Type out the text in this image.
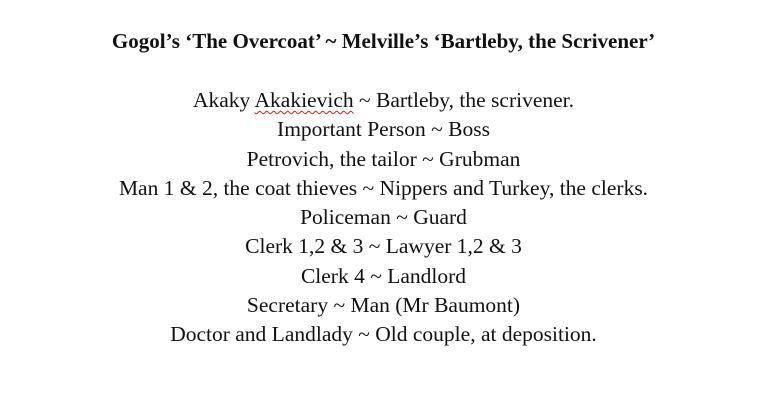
Gogol’s ‘The Overcoat’ ~ Melville’s ‘Bartleby, the Scrivener’
Akaky Akakievich ~ Bartleby, the scrivener.
Important Person ~ Boss
Petrovich, the tailor ~ Grubman
Man 1 & 2, the coat thieves ~ Nippers and Turkey, the clerks.
Policeman ~ Guard
Clerk 1,2 & 3 ~ Lawyer 1,2 & 3
Clerk 4 ~ Landlord
Secretary ~ Man (Mr Baumont)
Doctor and Landlady ~ Old couple, at deposition.
